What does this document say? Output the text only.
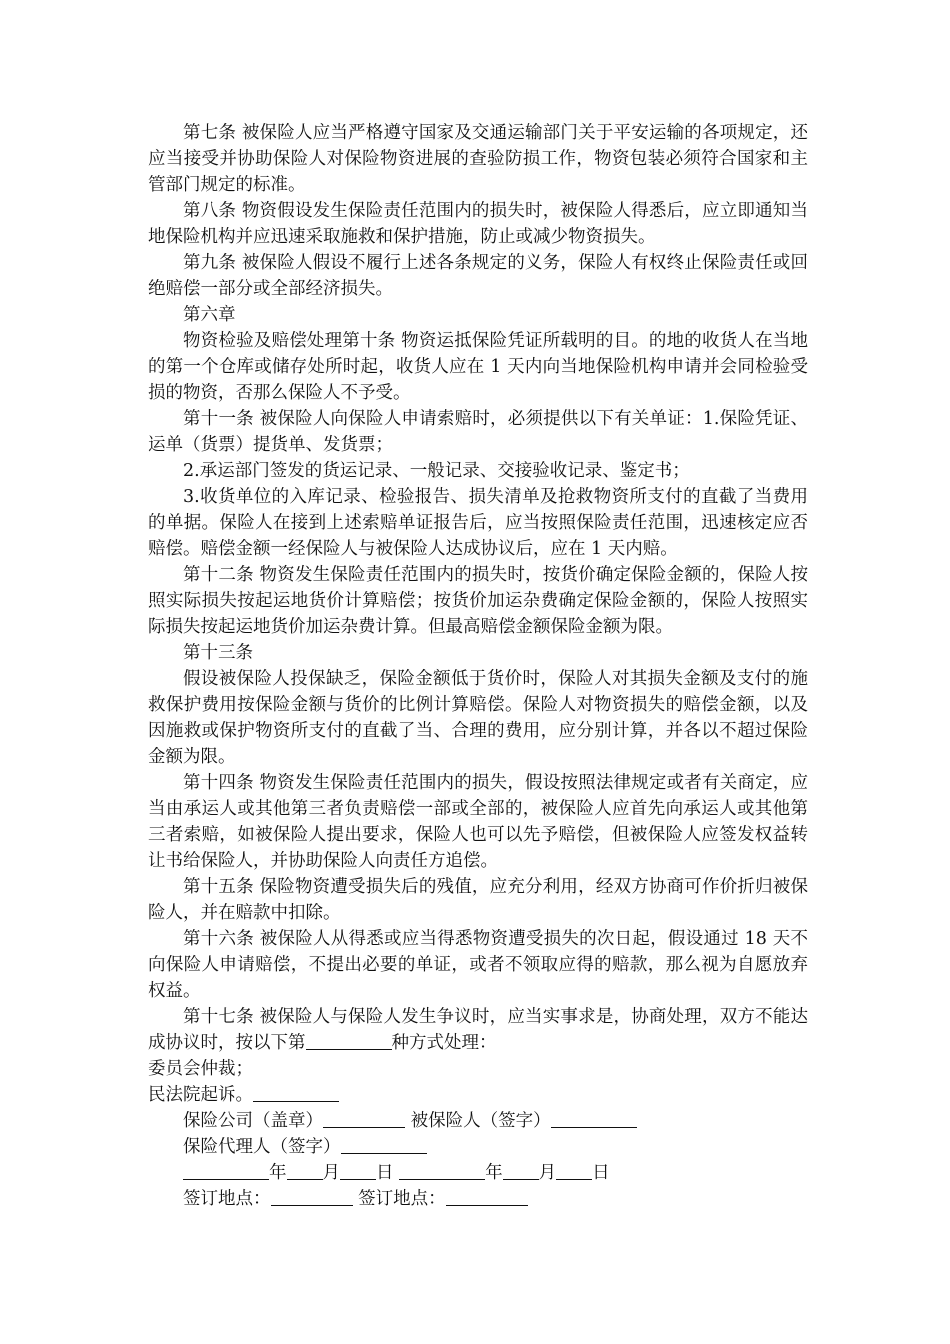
第七条 被保险人应当严格遵守国家及交通运输部门关于平安运输的各项规定，还应当接受并协助保险人对保险物资进展的查验防损工作，物资包装必须符合国家和主管部门规定的标准。

第八条 物资假设发生保险责任范围内的损失时，被保险人得悉后，应立即通知当地保险机构并应迅速采取施救和保护措施，防止或减少物资损失。

第九条 被保险人假设不履行上述各条规定的义务，保险人有权终止保险责任或回绝赔偿一部分或全部经济损失。

第六章

物资检验及赔偿处理第十条 物资运抵保险凭证所载明的目。的地的收货人在当地的第一个仓库或储存处所时起，收货人应在 1 天内向当地保险机构申请并会同检验受损的物资，否那么保险人不予受。

第十一条 被保险人向保险人申请索赔时，必须提供以下有关单证：1.保险凭证、运单（货票）提货单、发货票；

2.承运部门签发的货运记录、一般记录、交接验收记录、鉴定书；

3.收货单位的入库记录、检验报告、损失清单及抢救物资所支付的直截了当费用的单据。保险人在接到上述索赔单证报告后，应当按照保险责任范围，迅速核定应否赔偿。赔偿金额一经保险人与被保险人达成协议后，应在 1 天内赔。

第十二条 物资发生保险责任范围内的损失时，按货价确定保险金额的，保险人按照实际损失按起运地货价计算赔偿；按货价加运杂费确定保险金额的，保险人按照实际损失按起运地货价加运杂费计算。但最高赔偿金额保险金额为限。

第十三条

假设被保险人投保缺乏，保险金额低于货价时，保险人对其损失金额及支付的施救保护费用按保险金额与货价的比例计算赔偿。保险人对物资损失的赔偿金额，以及因施救或保护物资所支付的直截了当、合理的费用，应分别计算，并各以不超过保险金额为限。

第十四条 物资发生保险责任范围内的损失，假设按照法律规定或者有关商定，应当由承运人或其他第三者负责赔偿一部或全部的，被保险人应首先向承运人或其他第三者索赔，如被保险人提出要求，保险人也可以先予赔偿，但被保险人应签发权益转让书给保险人，并协助保险人向责任方追偿。

第十五条 保险物资遭受损失后的残值，应充分利用，经双方协商可作价折归被保险人，并在赔款中扣除。

第十六条 被保险人从得悉或应当得悉物资遭受损失的次日起，假设通过 18 天不向保险人申请赔偿，不提出必要的单证，或者不领取应得的赔款，那么视为自愿放弃权益。

第十七条 被保险人与保险人发生争议时，应当实事求是，协商处理，双方不能达成协议时，按以下第	种方式处理：

委员会仲裁；

民法院起诉。

保险公司（盖章）	被保险人（签字）

保险代理人（签字）

年 月 日	年 月 日

签订地点：	签订地点：
